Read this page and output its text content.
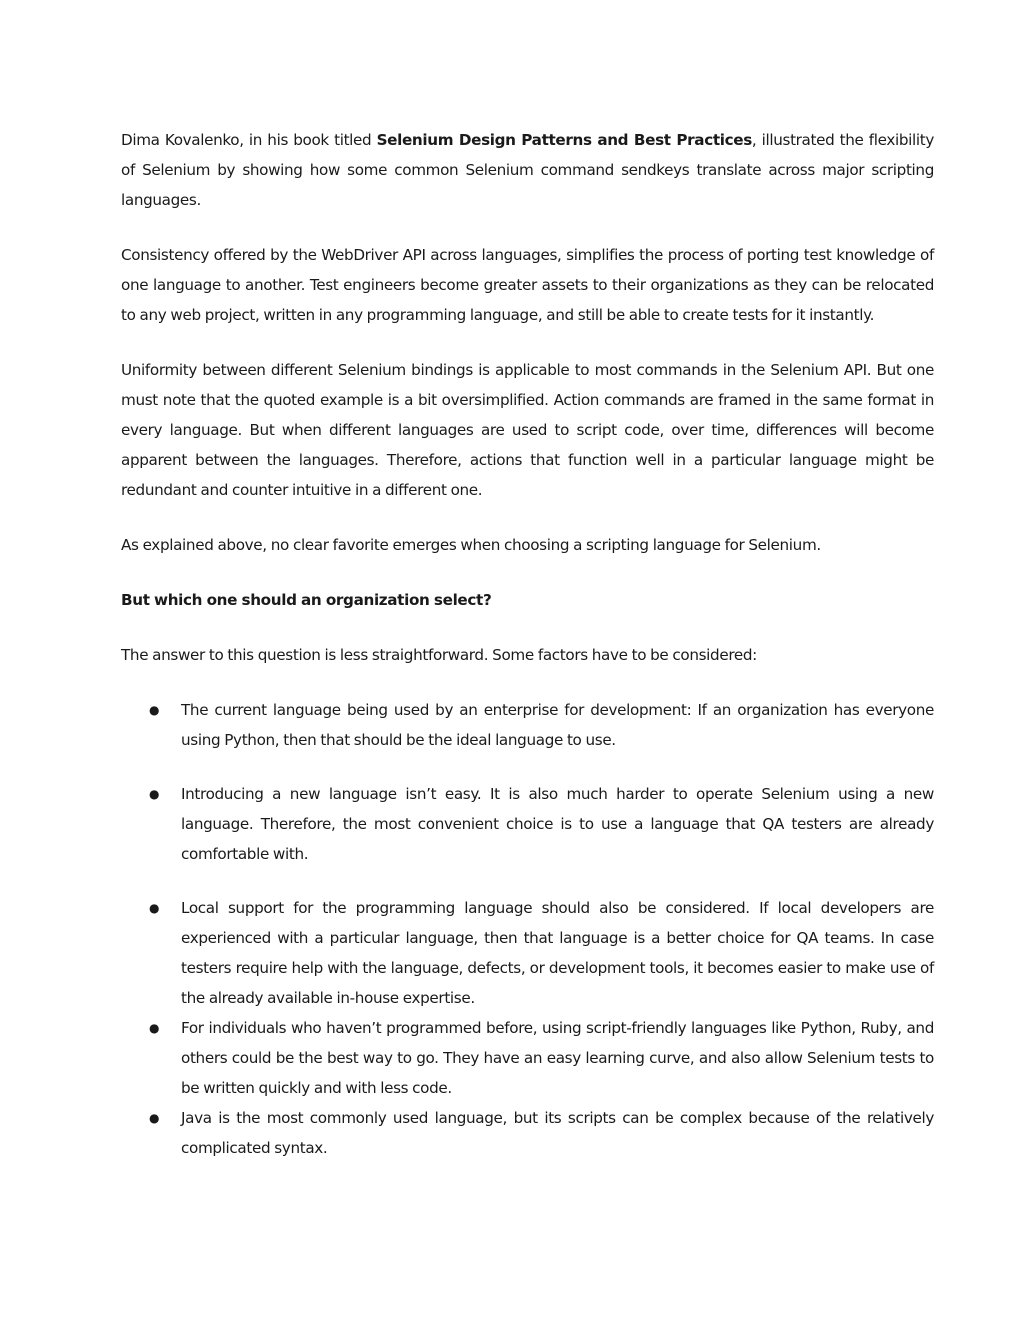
Dima Kovalenko, in his book titled Selenium Design Patterns and Best Practices, illustrated the flexibility of Selenium by showing how some common Selenium command sendkeys translate across major scripting languages.

Consistency offered by the WebDriver API across languages, simplifies the process of porting test knowledge of one language to another. Test engineers become greater assets to their organizations as they can be relocated to any web project, written in any programming language, and still be able to create tests for it instantly.

Uniformity between different Selenium bindings is applicable to most commands in the Selenium API. But one must note that the quoted example is a bit oversimplified. Action commands are framed in the same format in every language. But when different languages are used to script code, over time, differences will become apparent between the languages. Therefore, actions that function well in a particular language might be redundant and counter intuitive in a different one.

As explained above, no clear favorite emerges when choosing a scripting language for Selenium.

But which one should an organization select?

The answer to this question is less straightforward. Some factors have to be considered:

● The current language being used by an enterprise for development: If an organization has everyone using Python, then that should be the ideal language to use.
● Introducing a new language isn’t easy. It is also much harder to operate Selenium using a new language. Therefore, the most convenient choice is to use a language that QA testers are already comfortable with.
● Local support for the programming language should also be considered. If local developers are experienced with a particular language, then that language is a better choice for QA teams. In case testers require help with the language, defects, or development tools, it becomes easier to make use of the already available in-house expertise.
● For individuals who haven’t programmed before, using script-friendly languages like Python, Ruby, and others could be the best way to go. They have an easy learning curve, and also allow Selenium tests to be written quickly and with less code.
● Java is the most commonly used language, but its scripts can be complex because of the relatively complicated syntax.
